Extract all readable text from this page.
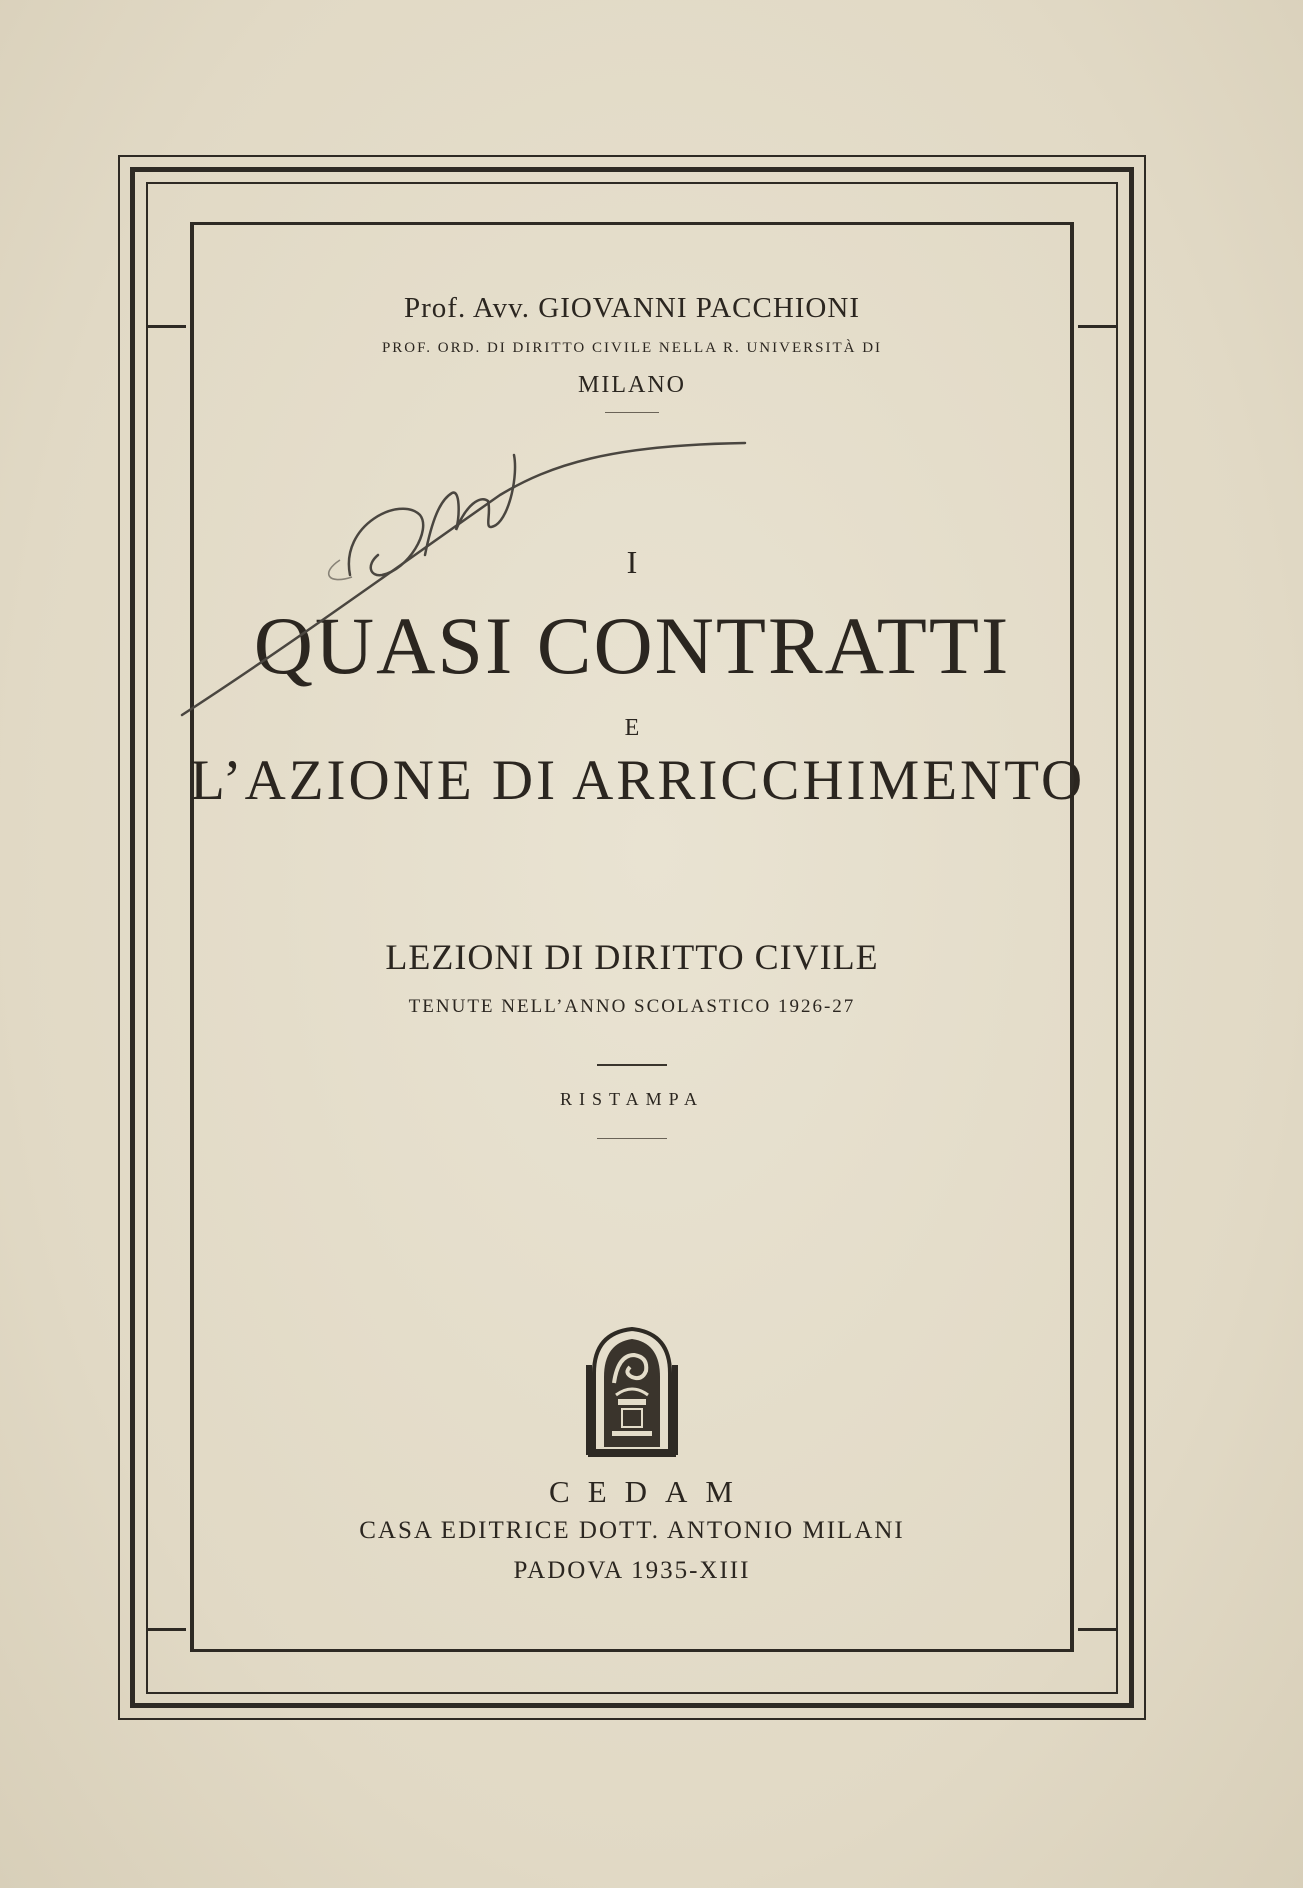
Prof. Avv. GIOVANNI PACCHIONI
PROF. ORD. DI DIRITTO CIVILE NELLA R. UNIVERSITÀ DI
MILANO
I
QUASI CONTRATTI
E
L’AZIONE DI ARRICCHIMENTO
LEZIONI DI DIRITTO CIVILE
TENUTE NELL’ANNO SCOLASTICO 1926-27
RISTAMPA
CEDAM
CASA EDITRICE DOTT. ANTONIO MILANI
PADOVA 1935-XIII
